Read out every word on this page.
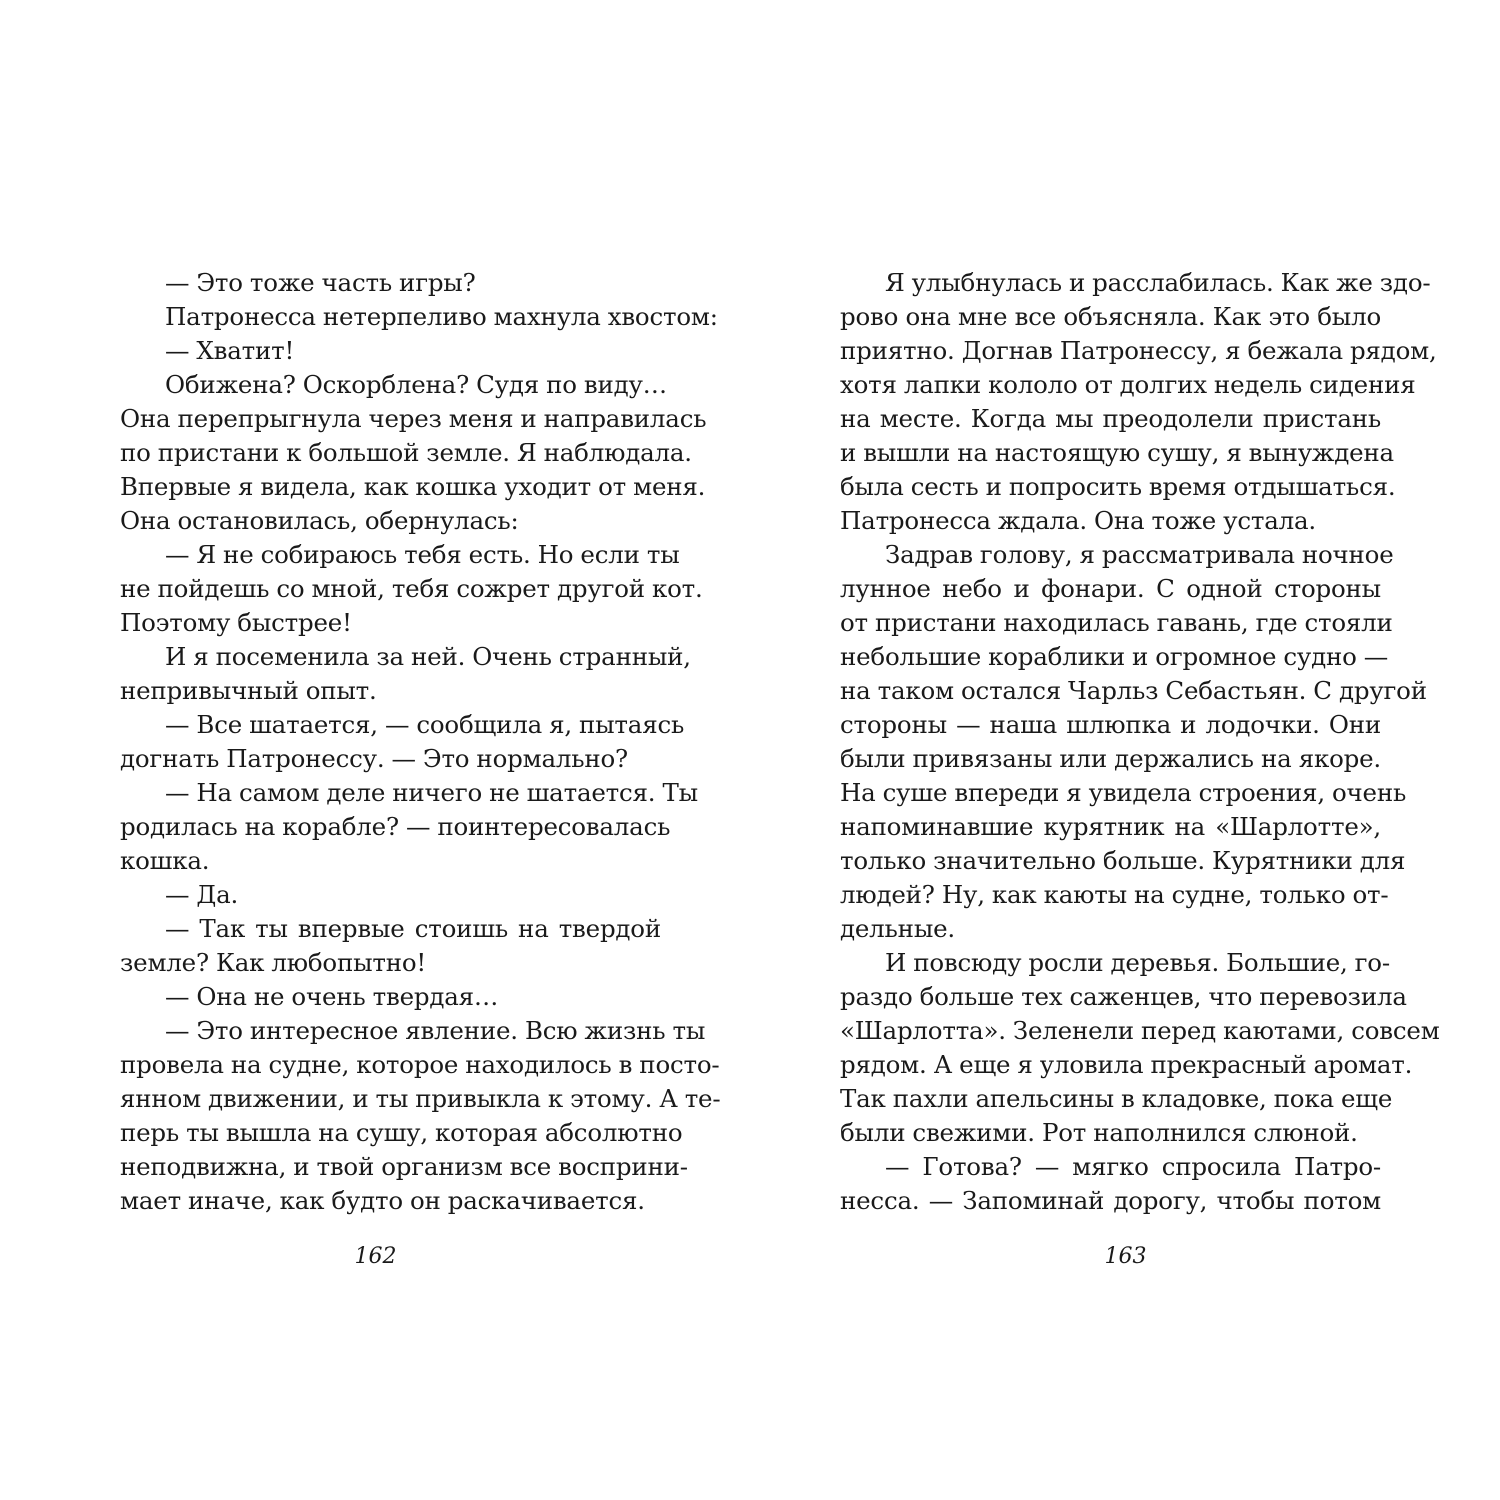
— Это тоже часть игры?
Патронесса нетерпеливо махнула хвостом:
— Хватит!
Обижена? Оскорблена? Судя по виду…
Она перепрыгнула через меня и направилась
по пристани к большой земле. Я наблюдала.
Впервые я видела, как кошка уходит от меня.
Она остановилась, обернулась:
— Я не собираюсь тебя есть. Но если ты
не пойдешь со мной, тебя сожрет другой кот.
Поэтому быстрее!
И я посеменила за ней. Очень странный,
непривычный опыт.
— Все шатается, — сообщила я, пытаясь
догнать Патронессу. — Это нормально?
— На самом деле ничего не шатается. Ты
родилась на корабле? — поинтересовалась
кошка.
— Да.
— Так ты впервые стоишь на твердой
земле? Как любопытно!
— Она не очень твердая…
— Это интересное явление. Всю жизнь ты
провела на судне, которое находилось в посто-
янном движении, и ты привыкла к этому. А те-
перь ты вышла на сушу, которая абсолютно
неподвижна, и твой организм все восприни-
мает иначе, как будто он раскачивается.
162
Я улыбнулась и расслабилась. Как же здо-
рово она мне все объясняла. Как это было
приятно. Догнав Патронессу, я бежала рядом,
хотя лапки кололо от долгих недель сидения
на месте. Когда мы преодолели пристань
и вышли на настоящую сушу, я вынуждена
была сесть и попросить время отдышаться.
Патронесса ждала. Она тоже устала.
Задрав голову, я рассматривала ночное
лунное небо и фонари. С одной стороны
от пристани находилась гавань, где стояли
небольшие кораблики и огромное судно —
на таком остался Чарльз Себастьян. С другой
стороны — наша шлюпка и лодочки. Они
были привязаны или держались на якоре.
На суше впереди я увидела строения, очень
напоминавшие курятник на «Шарлотте»,
только значительно больше. Курятники для
людей? Ну, как каюты на судне, только от-
дельные.
И повсюду росли деревья. Большие, го-
раздо больше тех саженцев, что перевозила
«Шарлотта». Зеленели перед каютами, совсем
рядом. А еще я уловила прекрасный аромат.
Так пахли апельсины в кладовке, пока еще
были свежими. Рот наполнился слюной.
— Готова? — мягко спросила Патро-
несса. — Запоминай дорогу, чтобы потом
163
